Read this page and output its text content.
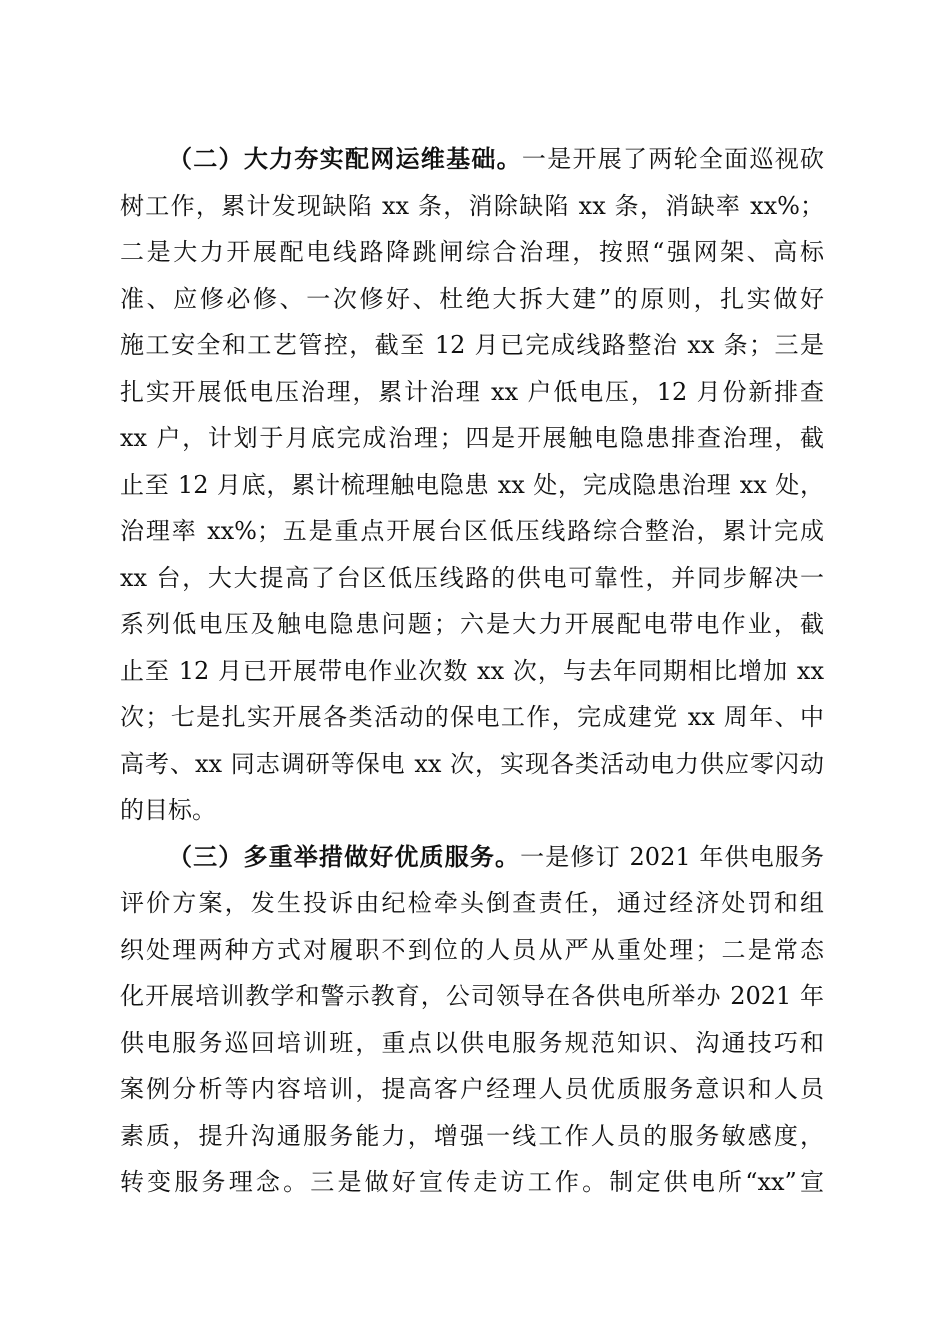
（二）大力夯实配网运维基础。一是开展了两轮全面巡视砍
树工作，累计发现缺陷 xx 条，消除缺陷 xx 条，消缺率 xx%；
二是大力开展配电线路降跳闸综合治理，按照“强网架、高标
准、应修必修、一次修好、杜绝大拆大建”的原则，扎实做好
施工安全和工艺管控，截至 12 月已完成线路整治 xx 条；三是
扎实开展低电压治理，累计治理 xx 户低电压，12 月份新排查
xx 户，计划于月底完成治理；四是开展触电隐患排查治理，截
止至 12 月底，累计梳理触电隐患 xx 处，完成隐患治理 xx 处，
治理率 xx%；五是重点开展台区低压线路综合整治，累计完成
xx 台，大大提高了台区低压线路的供电可靠性，并同步解决一
系列低电压及触电隐患问题；六是大力开展配电带电作业，截
止至 12 月已开展带电作业次数 xx 次，与去年同期相比增加 xx
次；七是扎实开展各类活动的保电工作，完成建党 xx 周年、中
高考、xx 同志调研等保电 xx 次，实现各类活动电力供应零闪动
的目标。
（三）多重举措做好优质服务。一是修订 2021 年供电服务
评价方案，发生投诉由纪检牵头倒查责任，通过经济处罚和组
织处理两种方式对履职不到位的人员从严从重处理；二是常态
化开展培训教学和警示教育，公司领导在各供电所举办 2021 年
供电服务巡回培训班，重点以供电服务规范知识、沟通技巧和
案例分析等内容培训，提高客户经理人员优质服务意识和人员
素质，提升沟通服务能力，增强一线工作人员的服务敏感度，
转变服务理念。三是做好宣传走访工作。制定供电所“xx”宣
